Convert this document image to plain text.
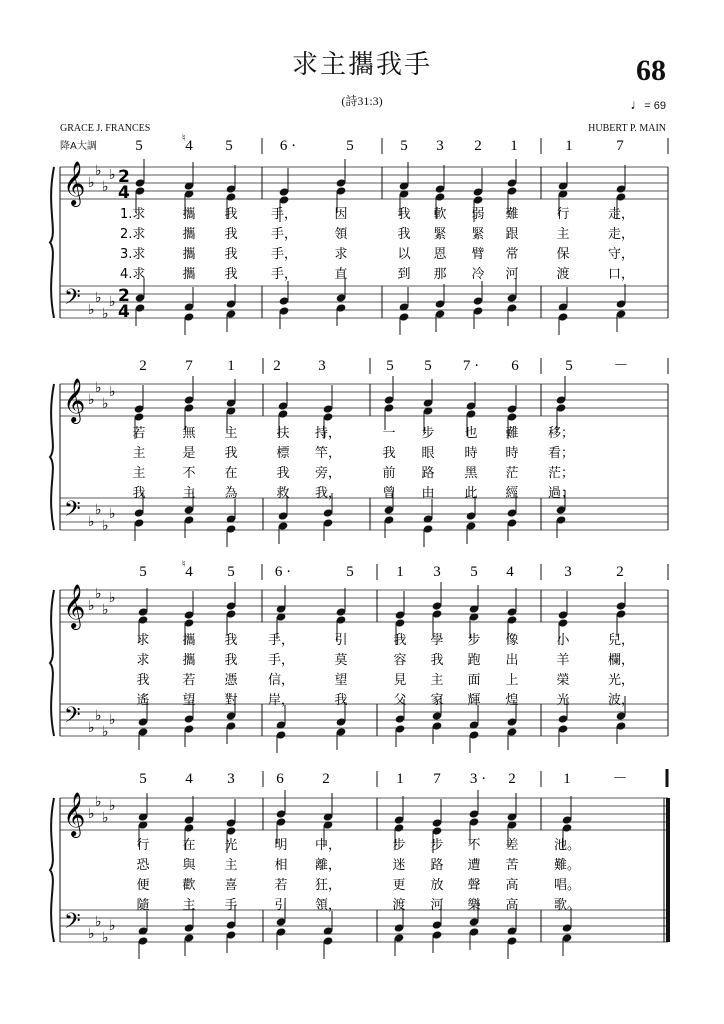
求主攜我手	68
(詩31:3)	♩= 69
GRACE J. FRANCES	HUBERT P. MAIN
降A大調
𝄞
𝄢
♭
♭
♭
♭
♭
♭
♭
♭
2
4
2
4
5	4
♮	5	6 ·	5	5 3 2 1	1	7
1.求	攜 我	手，	因	我 軟 弱 難	行	走，
2.求	攜 我	手，	領	我 緊 緊 跟	主	走，
3.求	攜 我	手，	求	以 恩 臂 常	保	守，
4.求	攜 我	手，	直	到 那 冷 河	渡	口，
𝄞
𝄢
♭
♭
♭
♭
♭
♭
♭
♭
2	7 1	2	3	5 5 7 · 6	5	－
若	無 主	扶 持，	一 步 也 難 移；
主	是 我	標 竿，	我 眼 時 時 看；
主	不 在	我 旁，	前 路 黑 茫 茫；
我	主 為	救 我，	曾 由 此 經 過；
𝄞
𝄢
♭
♭
♭
♭
♭
♭
♭
♭
5	4
♮	5	6 ·	5	1 3 5 4	3	2
求	攜 我 手，	引	我 學 步 像	小	兒，
求	攜 我 手，	莫	容 我 跑 出	羊	欄，
我	若 憑 信，	望	見 主 面 上	榮	光，
遙	望 對 岸，	我	父 家 輝 煌	光	波，
𝄞
𝄢
♭
♭
♭
♭
♭
♭
♭
♭
5	4 3	6	2	1 7 3 · 2	1	－
行	在 光	明 中，	步 步 不 差	池。
恐	與 主	相 離，	迷 路 遭 苦	難。
便	歡 喜	若 狂，	更 放 聲 高	唱。
隨	主 手	引 領，	渡 河 樂 高	歌。
